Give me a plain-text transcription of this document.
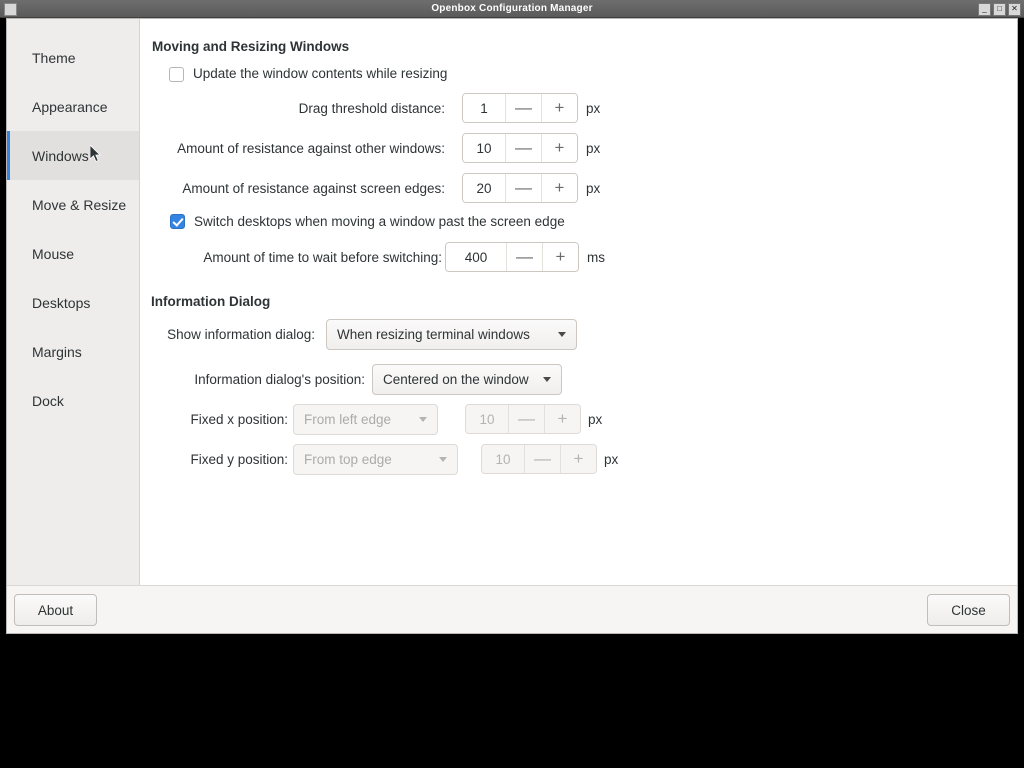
Openbox Configuration Manager	_	□	✕
Theme
Appearance
Windows
Move & Resize
Mouse
Desktops
Margins
Dock
Moving and Resizing Windows
Update the window contents while resizing
Drag threshold distance:	1	—	+	px
Amount of resistance against other windows:	10	—	+	px
Amount of resistance against screen edges:	20	—	+	px
Switch desktops when moving a window past the screen edge
Amount of time to wait before switching:	400	—	+	ms
Information Dialog
Show information dialog: When resizing terminal windows
Information dialog's position: Centered on the window
Fixed x position: From left edge	10	—	+	px
Fixed y position: From top edge	10	—	+	px
About	Close
